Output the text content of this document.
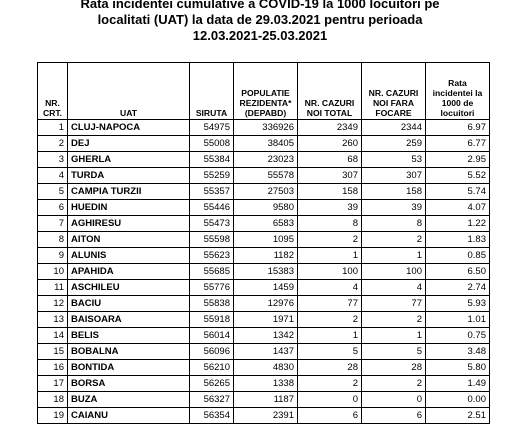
Rata incidentei cumulative a COVID-19 la 1000 locuitori pe
localitati (UAT) la data de 29.03.2021 pentru perioada
12.03.2021-25.03.2021
NR. CRT.	UAT	SIRUTA	POPULATIE REZIDENTA* (DEPABD)	NR. CAZURI NOI TOTAL	NR. CAZURI NOI FARA FOCARE	Rata incidentei la 1000 de locuitori
1	CLUJ-NAPOCA	54975	336926	2349	2344	6.97
2	DEJ	55008	38405	260	259	6.77
3	GHERLA	55384	23023	68	53	2.95
4	TURDA	55259	55578	307	307	5.52
5	CAMPIA TURZII	55357	27503	158	158	5.74
6	HUEDIN	55446	9580	39	39	4.07
7	AGHIRESU	55473	6583	8	8	1.22
8	AITON	55598	1095	2	2	1.83
9	ALUNIS	55623	1182	1	1	0.85
10	APAHIDA	55685	15383	100	100	6.50
11	ASCHILEU	55776	1459	4	4	2.74
12	BACIU	55838	12976	77	77	5.93
13	BAISOARA	55918	1971	2	2	1.01
14	BELIS	56014	1342	1	1	0.75
15	BOBALNA	56096	1437	5	5	3.48
16	BONTIDA	56210	4830	28	28	5.80
17	BORSA	56265	1338	2	2	1.49
18	BUZA	56327	1187	0	0	0.00
19	CAIANU	56354	2391	6	6	2.51
